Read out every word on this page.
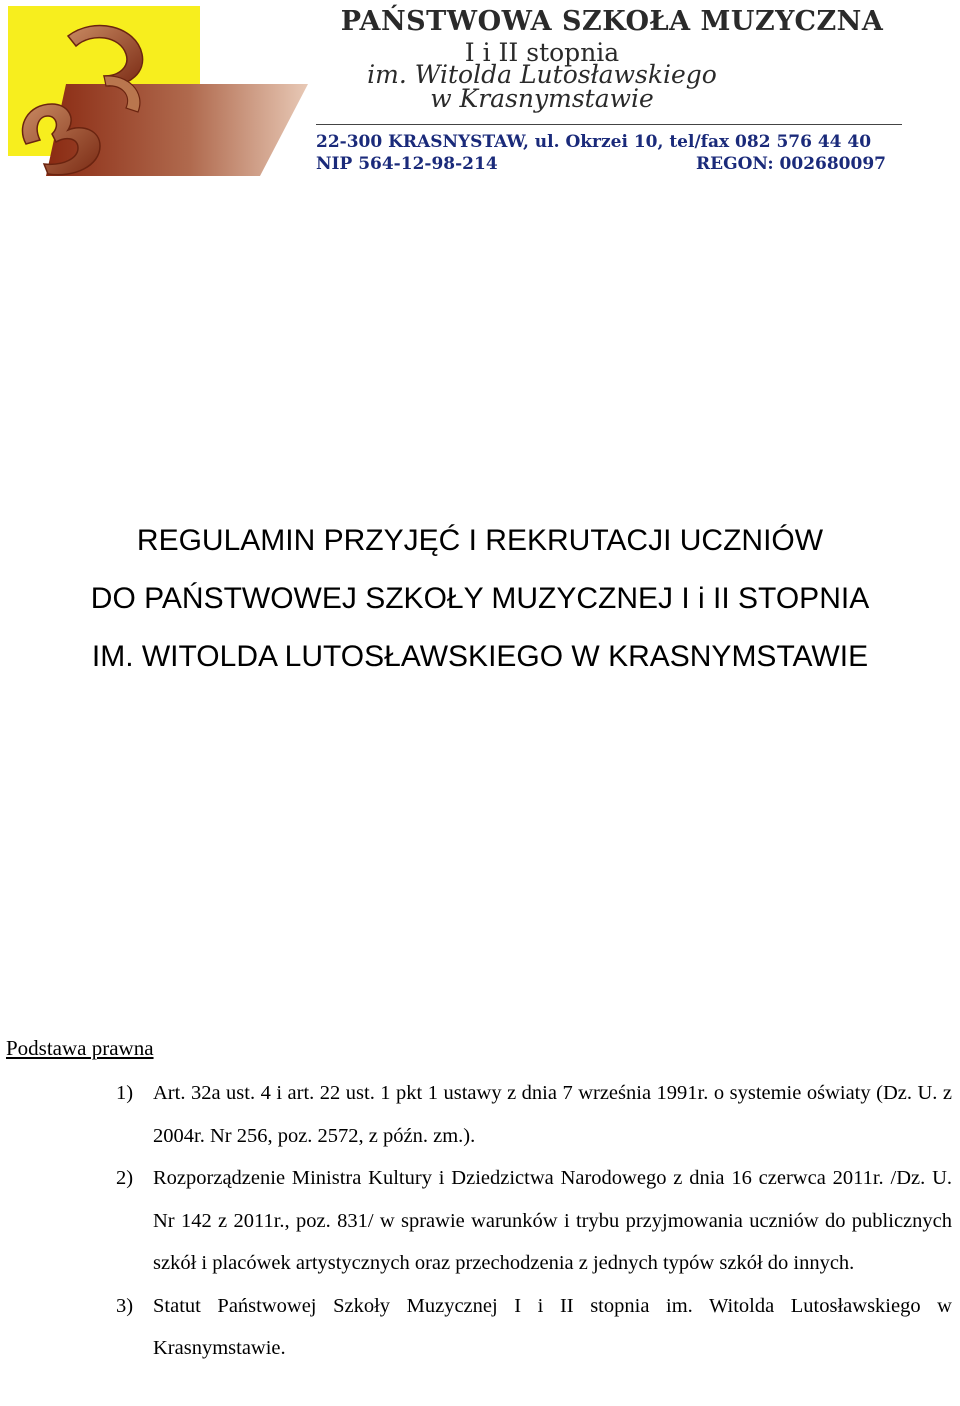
PAŃSTWOWA SZKOŁA MUZYCZNA
I i II stopnia
im. Witolda Lutosławskiego
w Krasnymstawie
22-300 KRASNYSTAW, ul. Okrzei 10, tel/fax 082 576 44 40
NIP 564-12-98-214	REGON: 002680097
REGULAMIN PRZYJĘĆ I REKRUTACJI UCZNIÓW
DO PAŃSTWOWEJ SZKOŁY MUZYCZNEJ I i II STOPNIA
IM. WITOLDA LUTOSŁAWSKIEGO W KRASNYMSTAWIE
Podstawa prawna
1) Art. 32a ust. 4 i art. 22 ust. 1 pkt 1 ustawy z dnia 7 września 1991r. o systemie oświaty (Dz. U. z 2004r. Nr 256, poz. 2572, z późn. zm.).
2) Rozporządzenie Ministra Kultury i Dziedzictwa Narodowego z dnia 16 czerwca 2011r. /Dz. U. Nr 142 z 2011r., poz. 831/ w sprawie warunków i trybu przyjmowania uczniów do publicznych szkół i placówek artystycznych oraz przechodzenia z jednych typów szkół do innych.
3) Statut Państwowej Szkoły Muzycznej I i II stopnia im. Witolda Lutosławskiego w Krasnymstawie.
